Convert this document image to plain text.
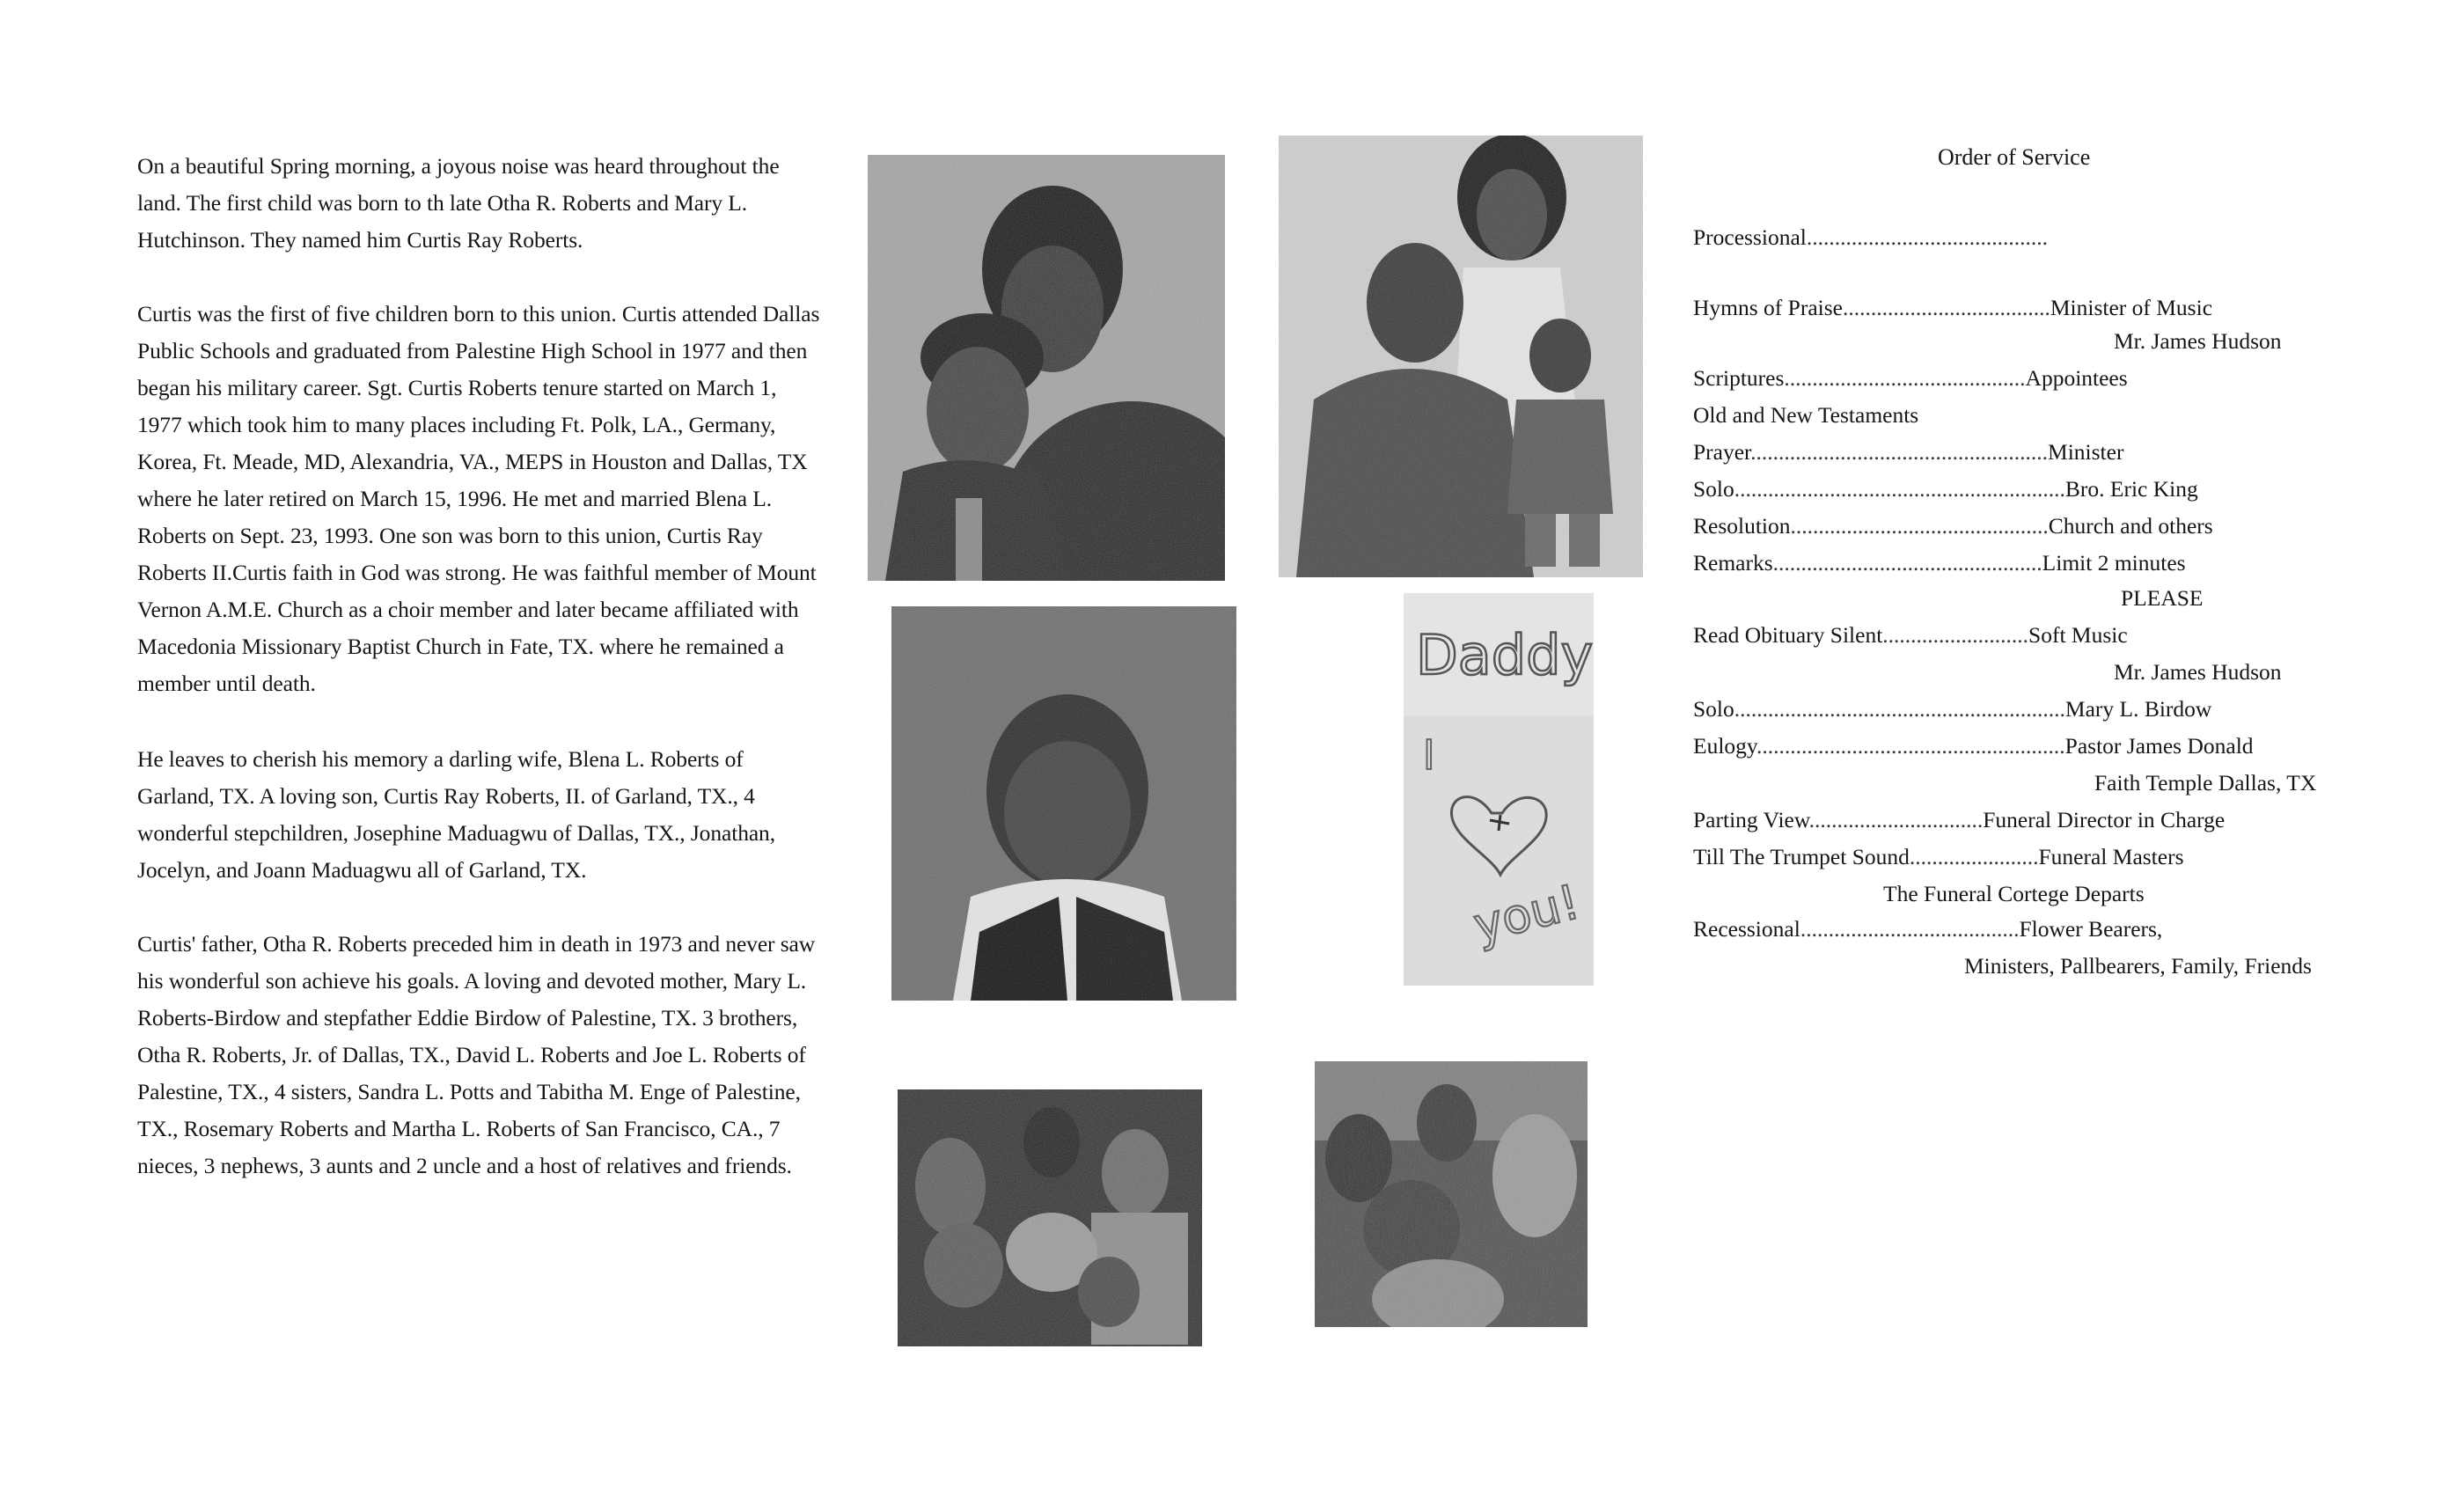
On a beautiful Spring morning, a joyous noise was heard throughout the land. The first child was born to th late Otha R. Roberts and Mary L. Hutchinson. They named him Curtis Ray Roberts.

Curtis was the first of five children born to this union. Curtis attended Dallas Public Schools and graduated from Palestine High School in 1977 and then began his military career. Sgt. Curtis Roberts tenure started on March 1, 1977 which took him to many places including Ft. Polk, LA., Germany, Korea, Ft. Meade, MD, Alexandria, VA., MEPS in Houston and Dallas, TX where he later retired on March 15, 1996. He met and married Blena L. Roberts on Sept. 23, 1993. One son was born to this union, Curtis Ray Roberts II.Curtis faith in God was strong. He was faithful member of Mount Vernon A.M.E. Church as a choir member and later became affiliated with Macedonia Missionary Baptist Church in Fate, TX. where he remained a member until death.

He leaves to cherish his memory a darling wife, Blena L. Roberts of Garland, TX. A loving son, Curtis Ray Roberts, II. of Garland, TX., 4 wonderful stepchildren, Josephine Maduagwu of Dallas, TX., Jonathan, Jocelyn, and Joann Maduagwu all of Garland, TX.

Curtis' father, Otha R. Roberts preceded him in death in 1973 and never saw his wonderful son achieve his goals. A loving and devoted mother, Mary L. Roberts-Birdow and stepfather Eddie Birdow of Palestine, TX. 3 brothers, Otha R. Roberts, Jr. of Dallas, TX., David L. Roberts and Joe L. Roberts of Palestine, TX., 4 sisters, Sandra L. Potts and Tabitha M. Enge of Palestine, TX., Rosemary Roberts and Martha L. Roberts of San Francisco, CA., 7 nieces, 3 nephews, 3 aunts and 2 uncle and a host of relatives and friends.

Daddy
I
you!
Order of Service
Processional...........................................
Hymns of Praise.....................................Minister of Music
Mr. James Hudson
Scriptures...........................................Appointees
Old and New Testaments
Prayer.....................................................Minister
Solo...........................................................Bro. Eric King
Resolution..............................................Church and others
Remarks................................................Limit 2 minutes
PLEASE
Read Obituary Silent..........................Soft Music
Mr. James Hudson
Solo...........................................................Mary L. Birdow
Eulogy.......................................................Pastor James Donald
Faith Temple Dallas, TX
Parting View...............................Funeral Director in Charge
Till The Trumpet Sound.......................Funeral Masters
The Funeral Cortege Departs
Recessional.......................................Flower Bearers,
Ministers, Pallbearers, Family, Friends
